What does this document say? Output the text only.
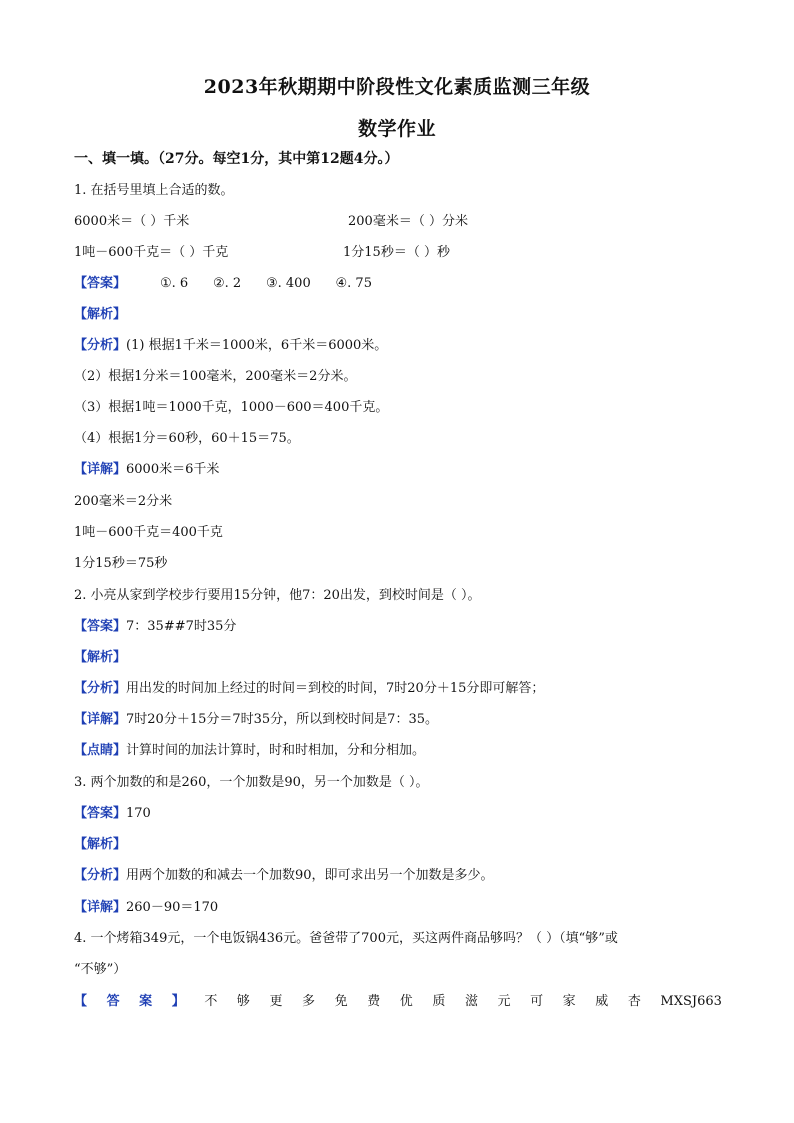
2023年秋期期中阶段性文化素质监测三年级
数学作业
一、填一填。（27分。每空1分，其中第12题4分。）
1. 在括号里填上合适的数。
6000米＝（ ）千米	200毫米＝（ ）分米
1吨－600千克＝（ ）千克	1分15秒＝（ ）秒
【答案】	①. 6      ②. 2      ③. 400      ④. 75
【解析】
【分析】(1) 根据1千米＝1000米，6千米＝6000米。
（2）根据1分米＝100毫米，200毫米＝2分米。
（3）根据1吨＝1000千克，1000－600＝400千克。
（4）根据1分＝60秒，60＋15＝75。
【详解】6000米＝6千米
200毫米＝2分米
1吨－600千克＝400千克
1分15秒＝75秒
2. 小亮从家到学校步行要用15分钟，他7：20出发，到校时间是（ ）。
【答案】7：35##7时35分
【解析】
【分析】用出发的时间加上经过的时间＝到校的时间，7时20分＋15分即可解答；
【详解】7时20分＋15分＝7时35分，所以到校时间是7：35。
【点睛】计算时间的加法计算时，时和时相加，分和分相加。
3. 两个加数的和是260，一个加数是90，另一个加数是（ ）。
【答案】170
【解析】
【分析】用两个加数的和减去一个加数90，即可求出另一个加数是多少。
【详解】260－90＝170
4. 一个烤箱349元，一个电饭锅436元。爸爸带了700元，买这两件商品够吗？（ ）（填“够”或
“不够”）
【 答 案 】 不 够 更 多 免 费 优 质 滋 元 可 家 威 杏 MXSJ663
